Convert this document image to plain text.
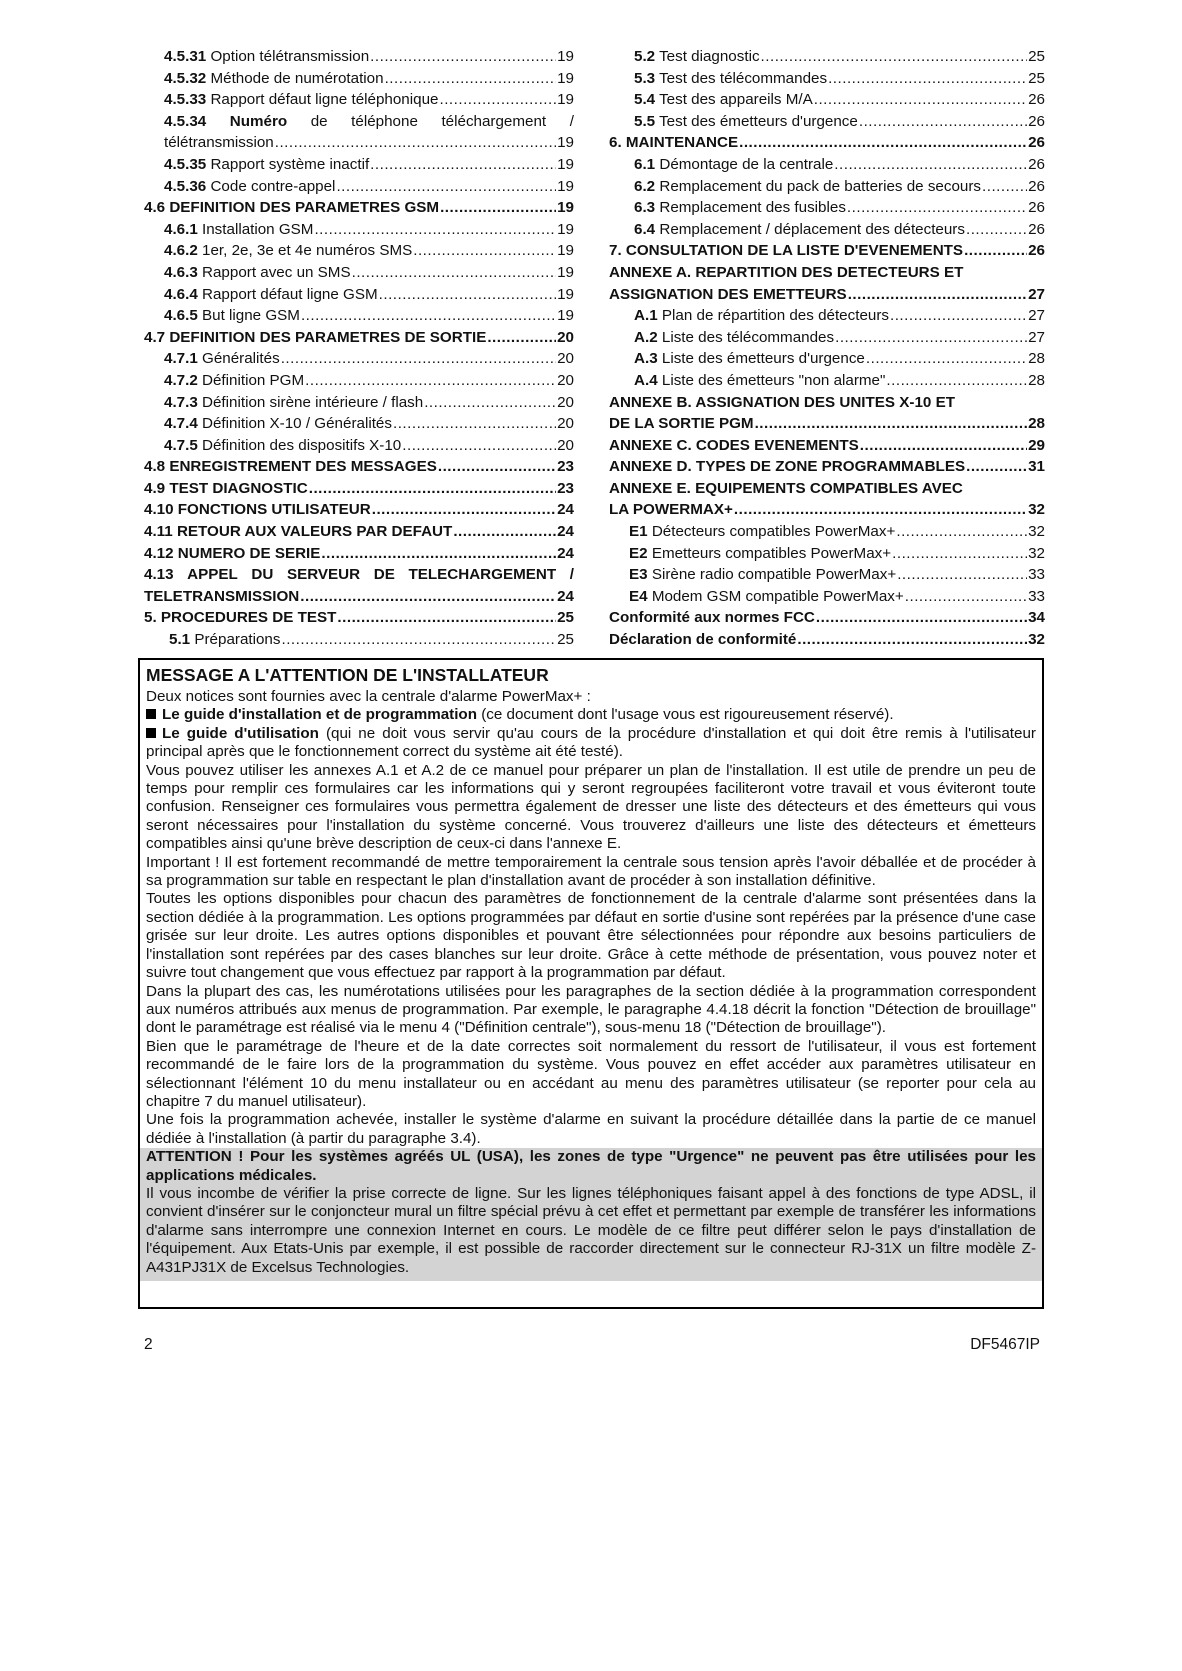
4.5.31 Option télétransmission .....	19
4.5.32 Méthode de numérotation .....	19
4.5.33 Rapport défaut ligne téléphonique .....	19
4.5.34 Numéro de téléphone téléchargement /
télétransmission .....	19
4.5.35 Rapport système inactif .....	19
4.5.36 Code contre-appel .....	19
4.6 DEFINITION DES PARAMETRES GSM .....	19
4.6.1 Installation GSM .....	19
4.6.2 1er, 2e, 3e et 4e numéros SMS .....	19
4.6.3 Rapport avec un SMS .....	19
4.6.4 Rapport défaut ligne GSM .....	19
4.6.5 But ligne GSM .....	19
4.7 DEFINITION DES PARAMETRES DE SORTIE .....	20
4.7.1 Généralités .....	20
4.7.2 Définition PGM .....	20
4.7.3 Définition sirène intérieure / flash .....	20
4.7.4 Définition X-10 / Généralités .....	20
4.7.5 Définition des dispositifs X-10 .....	20
4.8 ENREGISTREMENT DES MESSAGES .....	23
4.9 TEST DIAGNOSTIC .....	23
4.10 FONCTIONS UTILISATEUR .....	24
4.11 RETOUR AUX VALEURS PAR DEFAUT .....	24
4.12 NUMERO DE SERIE .....	24
4.13 APPEL DU SERVEUR DE TELECHARGEMENT /
TELETRANSMISSION .....	24
5. PROCEDURES DE TEST .....	25
5.1 Préparations .....	25
5.2 Test diagnostic .....	25
5.3 Test des télécommandes .....	25
5.4 Test des appareils M/A .....	26
5.5 Test des émetteurs d'urgence .....	26
6. MAINTENANCE .....	26
6.1 Démontage de la centrale .....	26
6.2 Remplacement du pack de batteries de secours .....	26
6.3 Remplacement des fusibles .....	26
6.4 Remplacement / déplacement des détecteurs .....	26
7. CONSULTATION DE LA LISTE D'EVENEMENTS .....	26
ANNEXE A. REPARTITION DES DETECTEURS ET
ASSIGNATION DES EMETTEURS .....	27
A.1 Plan de répartition des détecteurs .....	27
A.2 Liste des télécommandes .....	27
A.3 Liste des émetteurs d'urgence .....	28
A.4 Liste des émetteurs "non alarme" .....	28
ANNEXE B. ASSIGNATION DES UNITES X-10 ET
DE LA SORTIE PGM .....	28
ANNEXE C. CODES EVENEMENTS .....	29
ANNEXE D. TYPES DE ZONE PROGRAMMABLES .....	31
ANNEXE E. EQUIPEMENTS COMPATIBLES AVEC
LA POWERMAX+ .....	32
E1 Détecteurs compatibles PowerMax+ .....	32
E2 Emetteurs compatibles PowerMax+ .....	32
E3 Sirène radio compatible PowerMax+ .....	33
E4 Modem GSM compatible PowerMax+ .....	33
Conformité aux normes FCC .....	34
Déclaration de conformité .....	32
MESSAGE A L'ATTENTION DE L'INSTALLATEUR

Deux notices sont fournies avec la centrale d'alarme PowerMax+ :

Le guide d'installation et de programmation (ce document dont l'usage vous est rigoureusement réservé).

Le guide d'utilisation (qui ne doit vous servir qu'au cours de la procédure d'installation et qui doit être remis à l'utilisateur principal après que le fonctionnement correct du système ait été testé).

Vous pouvez utiliser les annexes A.1 et A.2 de ce manuel pour préparer un plan de l'installation. Il est utile de prendre un peu de temps pour remplir ces formulaires car les informations qui y seront regroupées faciliteront votre travail et vous éviteront toute confusion. Renseigner ces formulaires vous permettra également de dresser une liste des détecteurs et des émetteurs qui vous seront nécessaires pour l'installation du système concerné. Vous trouverez d'ailleurs une liste des détecteurs et émetteurs compatibles ainsi qu'une brève description de ceux-ci dans l'annexe E.

Important ! Il est fortement recommandé de mettre temporairement la centrale sous tension après l'avoir déballée et de procéder à sa programmation sur table en respectant le plan d'installation avant de procéder à son installation définitive.

Toutes les options disponibles pour chacun des paramètres de fonctionnement de la centrale d'alarme sont présentées dans la section dédiée à la programmation. Les options programmées par défaut en sortie d'usine sont repérées par la présence d'une case grisée sur leur droite. Les autres options disponibles et pouvant être sélectionnées pour répondre aux besoins particuliers de l'installation sont repérées par des cases blanches sur leur droite. Grâce à cette méthode de présentation, vous pouvez noter et suivre tout changement que vous effectuez par rapport à la programmation par défaut.

Dans la plupart des cas, les numérotations utilisées pour les paragraphes de la section dédiée à la programmation correspondent aux numéros attribués aux menus de programmation. Par exemple, le paragraphe 4.4.18 décrit la fonction "Détection de brouillage" dont le paramétrage est réalisé via le menu 4 ("Définition centrale"), sous-menu 18 ("Détection de brouillage").

Bien que le paramétrage de l'heure et de la date correctes soit normalement du ressort de l'utilisateur, il vous est fortement recommandé de le faire lors de la programmation du système. Vous pouvez en effet accéder aux paramètres utilisateur en sélectionnant l'élément 10 du menu installateur ou en accédant au menu des paramètres utilisateur (se reporter pour cela au chapitre 7 du manuel utilisateur).

Une fois la programmation achevée, installer le système d'alarme en suivant la procédure détaillée dans la partie de ce manuel dédiée à l'installation (à partir du paragraphe 3.4).

ATTENTION ! Pour les systèmes agréés UL (USA), les zones de type "Urgence" ne peuvent pas être utilisées pour les applications médicales.

Il vous incombe de vérifier la prise correcte de ligne. Sur les lignes téléphoniques faisant appel à des fonctions de type ADSL, il convient d'insérer sur le conjoncteur mural un filtre spécial prévu à cet effet et permettant par exemple de transférer les informations d'alarme sans interrompre une connexion Internet en cours. Le modèle de ce filtre peut différer selon le pays d'installation de l'équipement. Aux Etats-Unis par exemple, il est possible de raccorder directement sur le connecteur RJ-31X un filtre modèle Z-A431PJ31X de Excelsus Technologies.

2	DF5467IP
